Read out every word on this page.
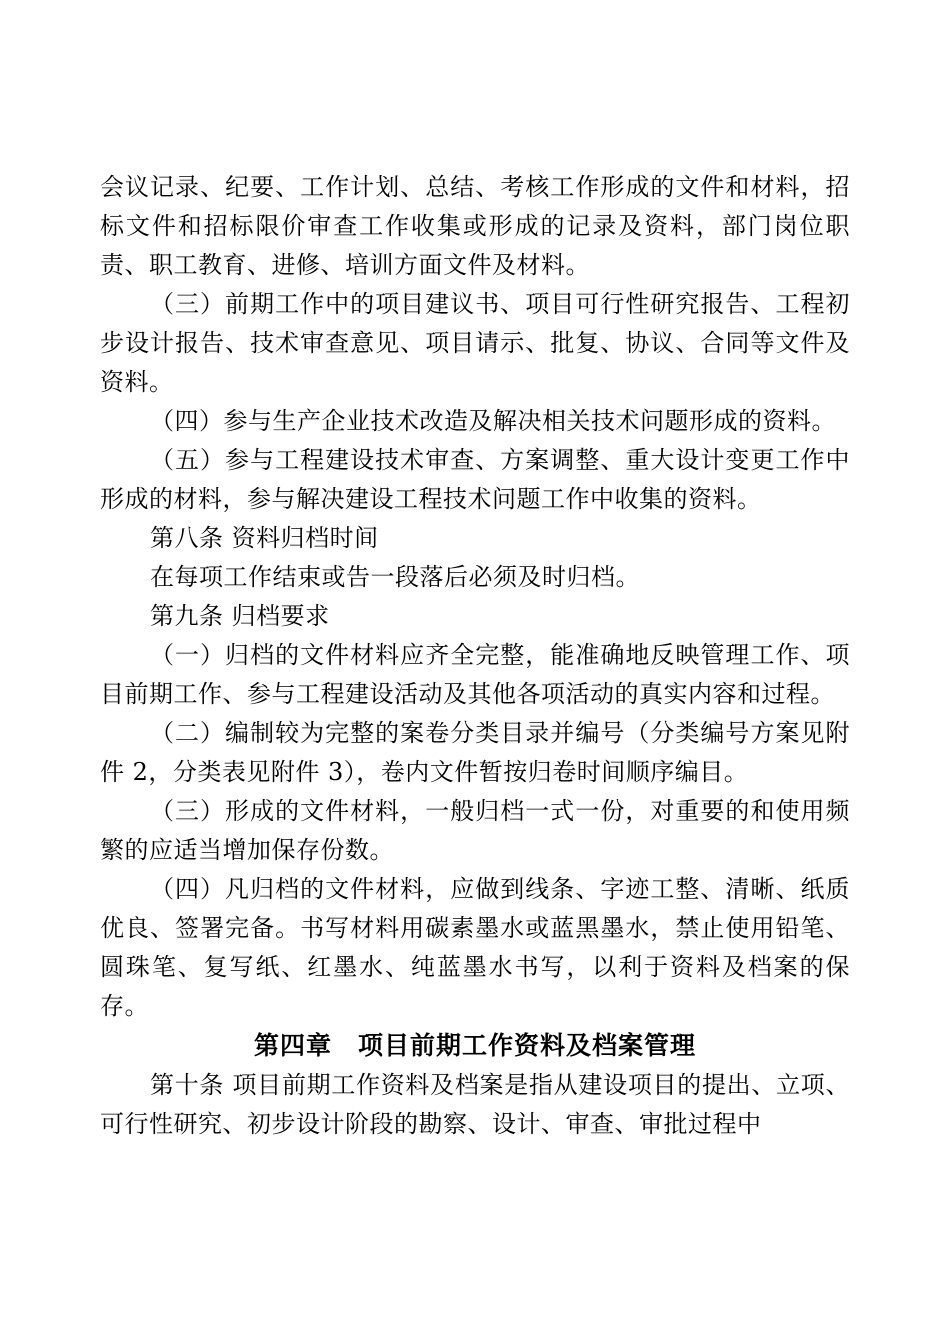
会议记录、纪要、工作计划、总结、考核工作形成的文件和材料，招标文件和招标限价审查工作收集或形成的记录及资料，部门岗位职责、职工教育、进修、培训方面文件及材料。

（三）前期工作中的项目建议书、项目可行性研究报告、工程初步设计报告、技术审查意见、项目请示、批复、协议、合同等文件及资料。

（四）参与生产企业技术改造及解决相关技术问题形成的资料。

（五）参与工程建设技术审查、方案调整、重大设计变更工作中形成的材料，参与解决建设工程技术问题工作中收集的资料。

第八条 资料归档时间

在每项工作结束或告一段落后必须及时归档。

第九条 归档要求

（一）归档的文件材料应齐全完整，能准确地反映管理工作、项目前期工作、参与工程建设活动及其他各项活动的真实内容和过程。

（二）编制较为完整的案卷分类目录并编号（分类编号方案见附件 2，分类表见附件 3），卷内文件暂按归卷时间顺序编目。

（三）形成的文件材料，一般归档一式一份，对重要的和使用频繁的应适当增加保存份数。

（四）凡归档的文件材料，应做到线条、字迹工整、清晰、纸质优良、签署完备。书写材料用碳素墨水或蓝黑墨水，禁止使用铅笔、圆珠笔、复写纸、红墨水、纯蓝墨水书写，以利于资料及档案的保存。

第四章　项目前期工作资料及档案管理

第十条 项目前期工作资料及档案是指从建设项目的提出、立项、可行性研究、初步设计阶段的勘察、设计、审查、审批过程中
